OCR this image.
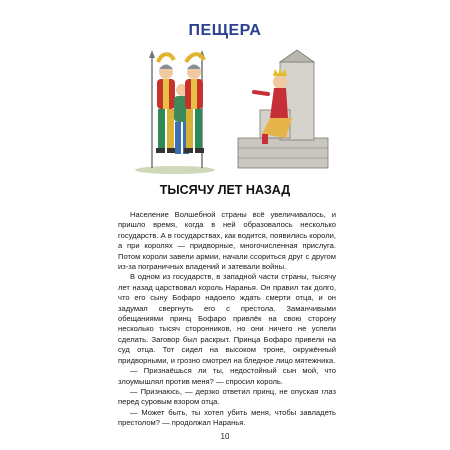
ПЕЩЕРА
ТЫСЯЧУ ЛЕТ НАЗАД

Население Волшебной страны всё увеличивалось, и пришло время, когда в ней образовалось несколько государств. А в государствах, как водится, появились короли, а при королях — придворные, многочисленная прислуга. Потом короли завели армии, начали ссориться друг с другом из-за пограничных владений и затевали войны.

В одном из государств, в западной части страны, тысячу лет назад царствовал король Наранья. Он правил так долго, что его сыну Бофаро надоело ждать смерти отца, и он задумал свергнуть его с престола. Заманчивыми обещаниями принц Бофаро привлёк на свою сторону несколько тысяч сторонников, но они ничего не успели сделать. Заговор был раскрыт. Принца Бофаро привели на суд отца. Тот сидел на высоком троне, окружённый придворными, и грозно смотрел на бледное лицо мятежника.

— Признаёшься ли ты, недостойный сын мой, что злоумышлял против меня? — спросил король.

— Признаюсь, — дерзко ответил принц, не опуская глаз перед суровым взором отца.

— Может быть, ты хотел убить меня, чтобы завладеть престолом? — продолжал Наранья.

10
